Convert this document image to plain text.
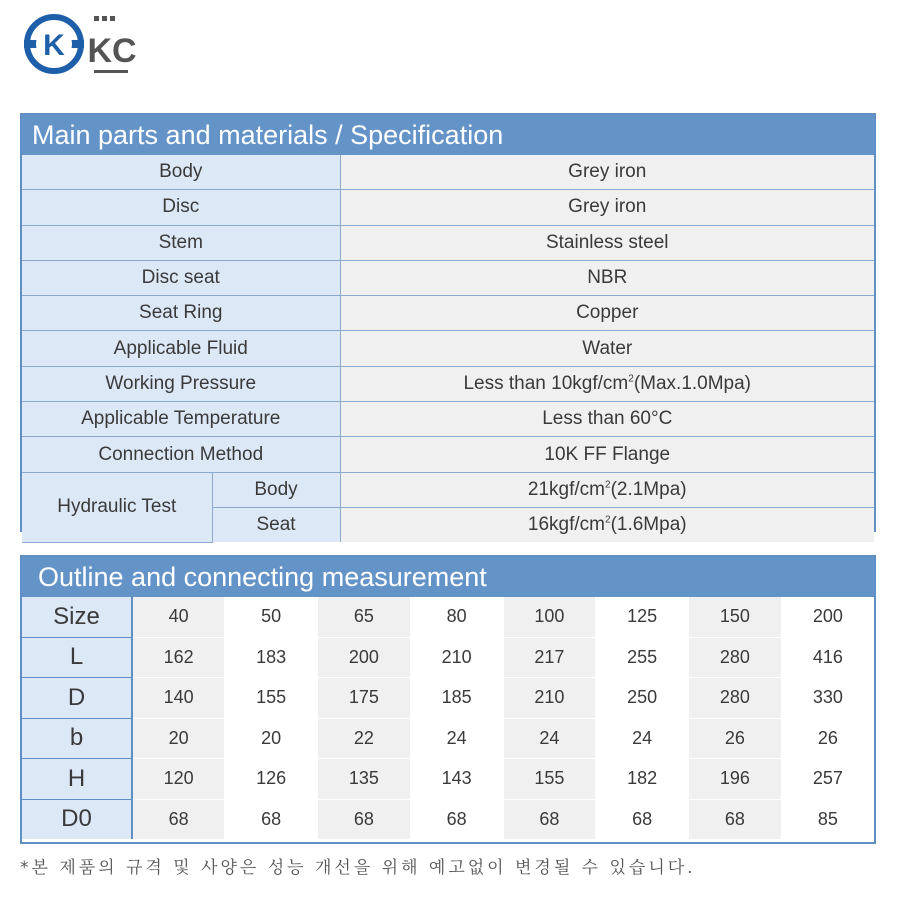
K KC
Main parts and materials / Specification
Body		Grey iron
Disc		Grey iron
Stem		Stainless steel
Disc seat		NBR
Seat Ring		Copper
Applicable Fluid		Water
Working Pressure		Less than $10kgf/cm^2(Max.1.0Mpa)$
Applicable Temperature		Less than 60°C
Connection Method		10K FF Flange
Hydraulic Test	Body	$21kgf/cm^2(2.1Mpa)$
	Seat	$16kgf/cm^2(1.6Mpa)$
Outline and connecting measurement
Size	40	50	65	80	100	125	150	200
L	162	183	200	210	217	255	280	416
D	140	155	175	185	210	250	280	330
b	20	20	22	24	24	24	26	26
H	120	126	135	143	155	182	196	257
D0	68	68	68	68	68	68	68	85
*본 제품의 규격 및 사양은 성능 개선을 위해 예고없이 변경될 수 있습니다.
